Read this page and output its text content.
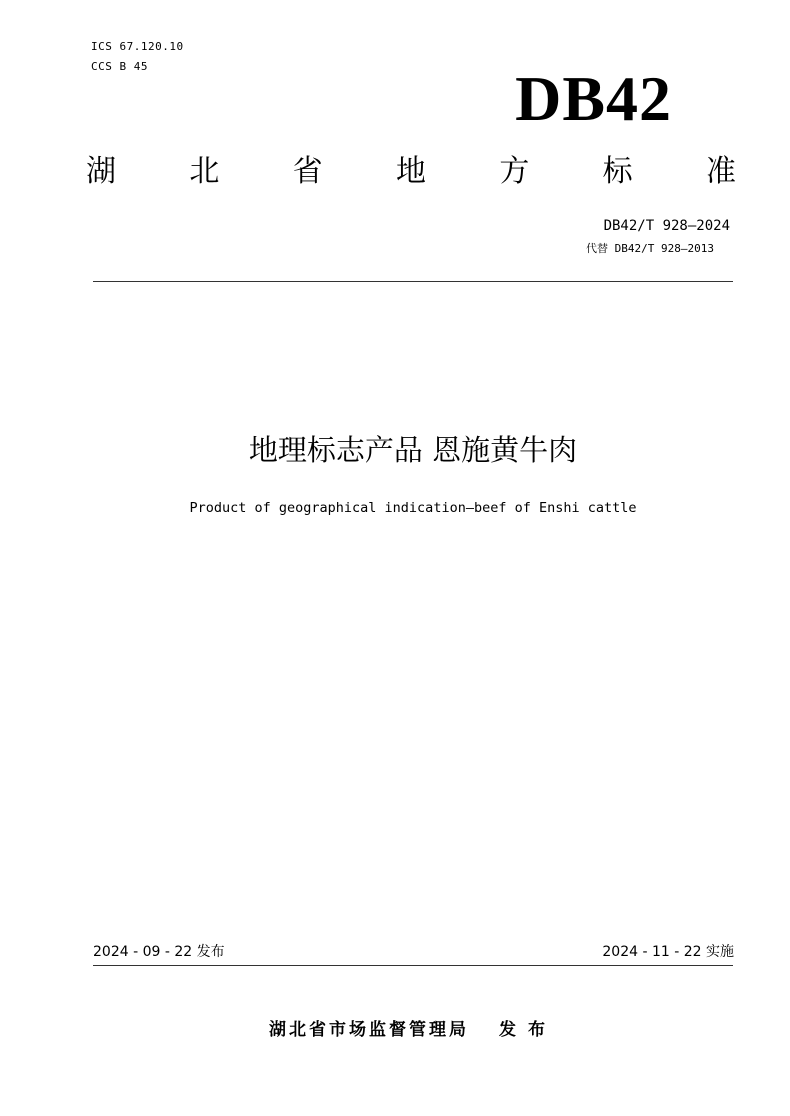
ICS 67.120.10
CCS B 45	DB42
湖 北 省 地 方 标 准
DB42/T 928—2024
代替 DB42/T 928—2013
地理标志产品 恩施黄牛肉
Product of geographical indication—beef of Enshi cattle
2024 - 09 - 22 发布	2024 - 11 - 22 实施
湖北省市场监督管理局 发布
